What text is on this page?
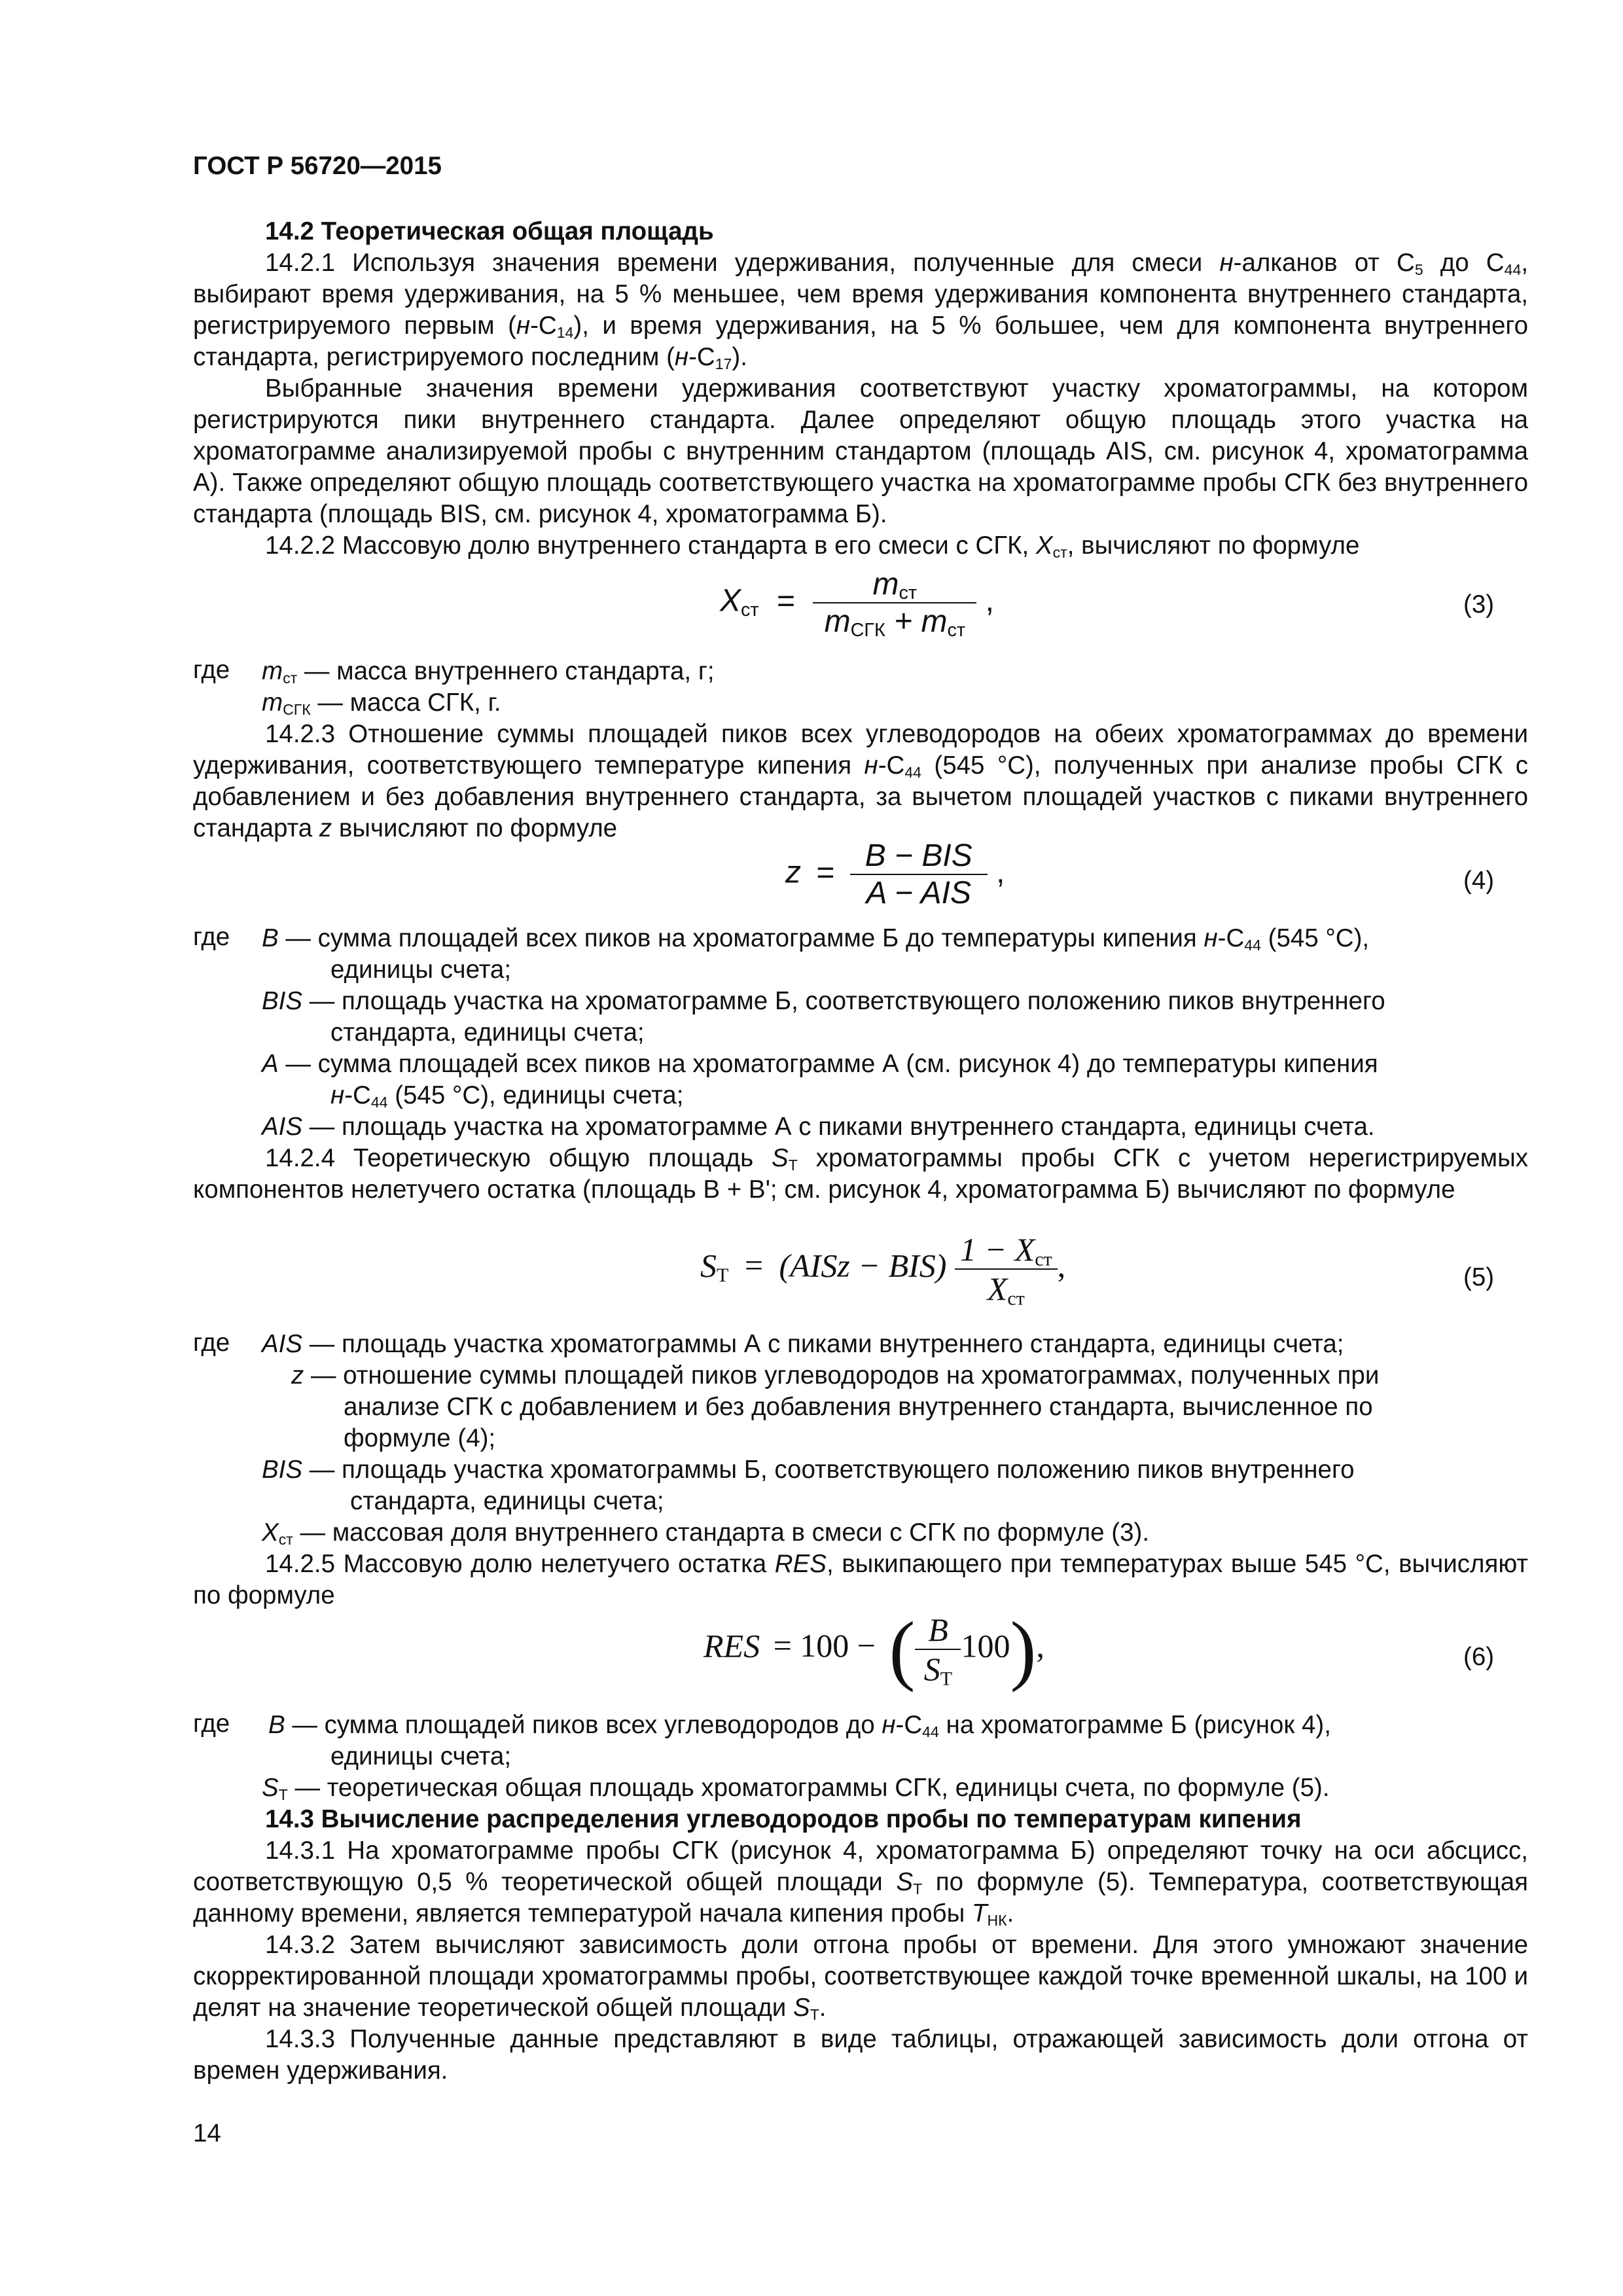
ГОСТ Р 56720—2015
14.2 Теоретическая общая площадь
14.2.1 Используя значения времени удерживания, полученные для смеси н-алканов от $С_5$ до $С_{44}$, выбирают время удерживания, на 5 % меньшее, чем время удерживания компонента внутреннего стандарта, регистрируемого первым $(н-С_{14})$, и время удерживания, на 5 % большее, чем для компонента внутреннего стандарта, регистрируемого последним $(н-С_{17})$.
Выбранные значения времени удерживания соответствуют участку хроматограммы, на котором регистрируются пики внутреннего стандарта. Далее определяют общую площадь этого участка на хроматограмме анализируемой пробы с внутренним стандартом (площадь AIS, см. рисунок 4, хроматограмма А). Также определяют общую площадь соответствующего участка на хроматограмме пробы СГК без внутреннего стандарта (площадь BIS, см. рисунок 4, хроматограмма Б).
14.2.2 Массовую долю внутреннего стандарта в его смеси с СГК, $X_{ст}$, вычисляют по формуле
$X_{ст} = \frac{m_{ст}}{m_{СГК} + m_{ст}}$ ,	(3)
где $m_{ст}$ — масса внутреннего стандарта, г;
$m_{СГК}$ — масса СГК, г.
14.2.3 Отношение суммы площадей пиков всех углеводородов на обеих хроматограммах до времени удерживания, соответствующего температуре кипения $н-С_{44}$ (545 °С), полученных при анализе пробы СГК с добавлением и без добавления внутреннего стандарта, за вычетом площадей участков с пиками внутреннего стандарта z вычисляют по формуле
$z = \frac{\text{B − BIS}}{\text{A − AIS}}$ ,	(4)
где B — сумма площадей всех пиков на хроматограмме Б до температуры кипения $н-С_{44}$ (545 °С),
единицы счета;
BIS — площадь участка на хроматограмме Б, соответствующего положению пиков внутреннего
стандарта, единицы счета;
A — сумма площадей всех пиков на хроматограмме А (см. рисунок 4) до температуры кипения
$н-С_{44}$ (545 °С), единицы счета;
AIS — площадь участка на хроматограмме А с пиками внутреннего стандарта, единицы счета.
14.2.4 Теоретическую общую площадь $S_Т$ хроматограммы пробы СГК с учетом нерегистрируемых компонентов нелетучего остатка (площадь B + B'; см. рисунок 4, хроматограмма Б) вычисляют по формуле
$S_Т$ = (AISz − $BIS) \frac{1 - X_{ст}}{X_{ст}}$ ,	(5)
где AIS — площадь участка хроматограммы А с пиками внутреннего стандарта, единицы счета;
z — отношение суммы площадей пиков углеводородов на хроматограммах, полученных при
анализе СГК с добавлением и без добавления внутреннего стандарта, вычисленное по
формуле (4);
BIS — площадь участка хроматограммы Б, соответствующего положению пиков внутреннего
стандарта, единицы счета;
$X_{ст}$ — массовая доля внутреннего стандарта в смеси с СГК по формуле (3).
14.2.5 Массовую долю нелетучего остатка RES, выкипающего при температурах выше 545 °С, вычисляют по формуле
RES = 100 − ( $\frac{B}{S_Т} 100$),	(6)
где B — сумма площадей пиков всех углеводородов до $н-С_{44}$ на хроматограмме Б (рисунок 4),
единицы счета;
$S_Т$ — теоретическая общая площадь хроматограммы СГК, единицы счета, по формуле (5).
14.3 Вычисление распределения углеводородов пробы по температурам кипения
14.3.1 На хроматограмме пробы СГК (рисунок 4, хроматограмма Б) определяют точку на оси абсцисс, соответствующую 0,5 % теоретической общей площади $S_Т$ по формуле (5). Температура, соответствующая данному времени, является температурой начала кипения пробы $Т_{НК}$.
14.3.2 Затем вычисляют зависимость доли отгона пробы от времени. Для этого умножают значение скорректированной площади хроматограммы пробы, соответствующее каждой точке временной шкалы, на 100 и делят на значение теоретической общей площади $S_Т$.
14.3.3 Полученные данные представляют в виде таблицы, отражающей зависимость доли отгона от времен удерживания.
14
